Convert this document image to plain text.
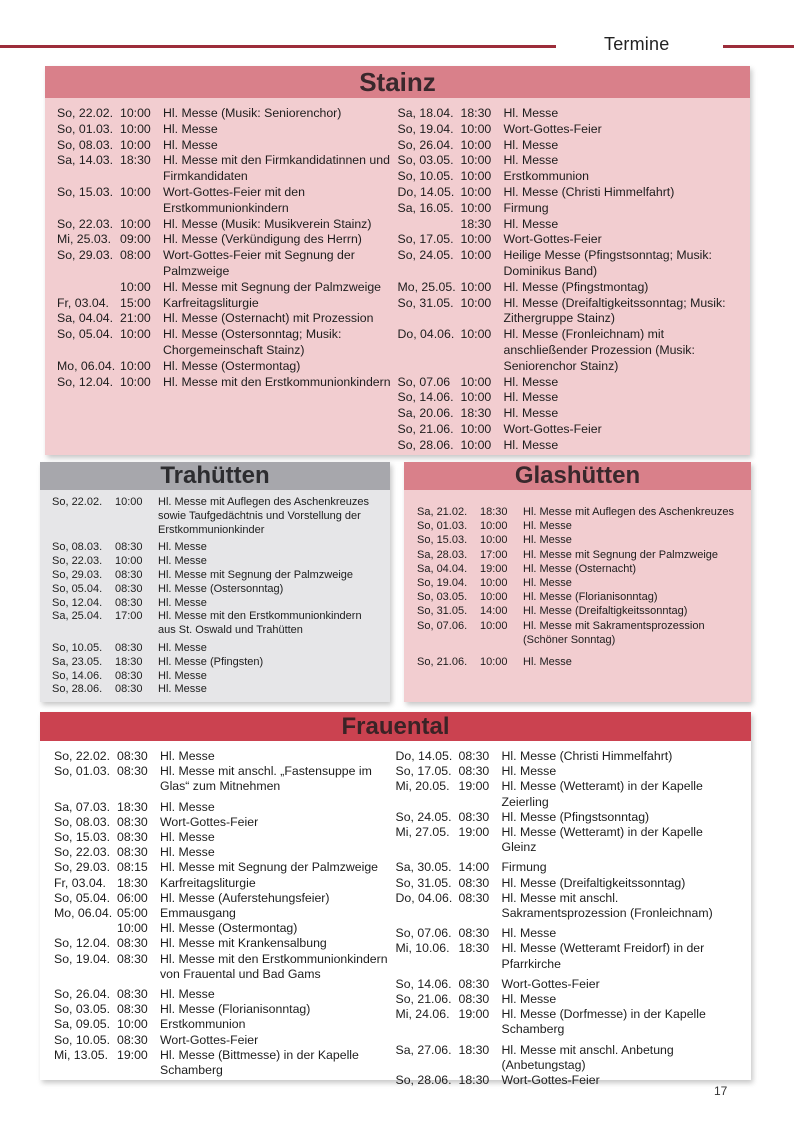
Termine
Stainz
So, 22.02. 10:00 Hl. Messe (Musik: Seniorenchor)
So, 01.03. 10:00 Hl. Messe
So, 08.03. 10:00 Hl. Messe
Sa, 14.03. 18:30 Hl. Messe mit den Firmkandidatinnen und Firmkandidaten
So, 15.03. 10:00 Wort-Gottes-Feier mit den Erstkommunionkindern
So, 22.03. 10:00 Hl. Messe (Musik: Musikverein Stainz)
Mi, 25.03. 09:00 Hl. Messe (Verkündigung des Herrn)
So, 29.03. 08:00 Wort-Gottes-Feier mit Segnung der Palmzweige
10:00 Hl. Messe mit Segnung der Palmzweige
Fr, 03.04. 15:00 Karfreitagsliturgie
Sa, 04.04. 21:00 Hl. Messe (Osternacht) mit Prozession
So, 05.04. 10:00 Hl. Messe (Ostersonntag; Musik: Chorgemeinschaft Stainz)
Mo, 06.04. 10:00 Hl. Messe (Ostermontag)
So, 12.04. 10:00 Hl. Messe mit den Erstkommunionkindern
Sa, 18.04. 18:30 Hl. Messe
So, 19.04. 10:00 Wort-Gottes-Feier
So, 26.04. 10:00 Hl. Messe
So, 03.05. 10:00 Hl. Messe
So, 10.05. 10:00 Erstkommunion
Do, 14.05. 10:00 Hl. Messe (Christi Himmelfahrt)
Sa, 16.05. 10:00 Firmung
18:30 Hl. Messe
So, 17.05. 10:00 Wort-Gottes-Feier
So, 24.05. 10:00 Heilige Messe (Pfingstsonntag; Musik: Dominikus Band)
Mo, 25.05. 10:00 Hl. Messe (Pfingstmontag)
So, 31.05. 10:00 Hl. Messe (Dreifaltigkeitssonntag; Musik: Zithergruppe Stainz)
Do, 04.06. 10:00 Hl. Messe (Fronleichnam) mit anschließender Prozession (Musik: Seniorenchor Stainz)
So, 07.06 10:00 Hl. Messe
So, 14.06. 10:00 Hl. Messe
Sa, 20.06. 18:30 Hl. Messe
So, 21.06. 10:00 Wort-Gottes-Feier
So, 28.06. 10:00 Hl. Messe
Trahütten
So, 22.02.	10:00	Hl. Messe mit Auflegen des Aschenkreuzes sowie Taufgedächtnis und Vorstellung der Erstkommunionkinder
So, 08.03.	08:30	Hl. Messe
So, 22.03.	10:00	Hl. Messe
So, 29.03.	08:30	Hl. Messe mit Segnung der Palmzweige
So, 05.04.	08:30	Hl. Messe (Ostersonntag)
So, 12.04.	08:30	Hl. Messe
Sa, 25.04.	17:00	Hl. Messe mit den Erstkommunionkindern aus St. Oswald und Trahütten
So, 10.05.	08:30	Hl. Messe
Sa, 23.05.	18:30	Hl. Messe (Pfingsten)
So, 14.06.	08:30	Hl. Messe
So, 28.06.	08:30	Hl. Messe
Glashütten
Sa, 21.02.	18:30	Hl. Messe mit Auflegen des Aschenkreuzes
So, 01.03.	10:00	Hl. Messe
So, 15.03.	10:00	Hl. Messe
Sa, 28.03.	17:00	Hl. Messe mit Segnung der Palmzweige
Sa, 04.04.	19:00	Hl. Messe (Osternacht)
So, 19.04.	10:00	Hl. Messe
So, 03.05.	10:00	Hl. Messe (Florianisonntag)
So, 31.05.	14:00	Hl. Messe (Dreifaltigkeitssonntag)
So, 07.06.	10:00	Hl. Messe mit Sakramentsprozession (Schöner Sonntag)
So, 21.06.	10:00	Hl. Messe
Frauental
So, 22.02. 08:30 Hl. Messe
So, 01.03. 08:30 Hl. Messe mit anschl. „Fastensuppe im Glas“ zum Mitnehmen
Sa, 07.03. 18:30 Hl. Messe
So, 08.03. 08:30 Wort-Gottes-Feier
So, 15.03. 08:30 Hl. Messe
So, 22.03. 08:30 Hl. Messe
So, 29.03. 08:15 Hl. Messe mit Segnung der Palmzweige
Fr, 03.04. 18:30 Karfreitagsliturgie
So, 05.04. 06:00 Hl. Messe (Auferstehungsfeier)
Mo, 06.04. 05:00 Emmausgang
10:00 Hl. Messe (Ostermontag)
So, 12.04. 08:30 Hl. Messe mit Krankensalbung
So, 19.04. 08:30 Hl. Messe mit den Erstkommunionkindern von Frauental und Bad Gams
So, 26.04. 08:30 Hl. Messe
So, 03.05. 08:30 Hl. Messe (Florianisonntag)
Sa, 09.05. 10:00 Erstkommunion
So, 10.05. 08:30 Wort-Gottes-Feier
Mi, 13.05. 19:00 Hl. Messe (Bittmesse) in der Kapelle Schamberg
Do, 14.05. 08:30 Hl. Messe (Christi Himmelfahrt)
So, 17.05. 08:30 Hl. Messe
Mi, 20.05. 19:00 Hl. Messe (Wetteramt) in der Kapelle Zeierling
So, 24.05. 08:30 Hl. Messe (Pfingstsonntag)
Mi, 27.05. 19:00 Hl. Messe (Wetteramt) in der Kapelle Gleinz
Sa, 30.05. 14:00 Firmung
So, 31.05. 08:30 Hl. Messe (Dreifaltigkeitssonntag)
Do, 04.06. 08:30 Hl. Messe mit anschl. Sakramentsprozession (Fronleichnam)
So, 07.06. 08:30 Hl. Messe
Mi, 10.06. 18:30 Hl. Messe (Wetteramt Freidorf) in der Pfarrkirche
So, 14.06. 08:30 Wort-Gottes-Feier
So, 21.06. 08:30 Hl. Messe
Mi, 24.06. 19:00 Hl. Messe (Dorfmesse) in der Kapelle Schamberg
Sa, 27.06. 18:30 Hl. Messe mit anschl. Anbetung (Anbetungstag)
So, 28.06. 18:30 Wort-Gottes-Feier
17
